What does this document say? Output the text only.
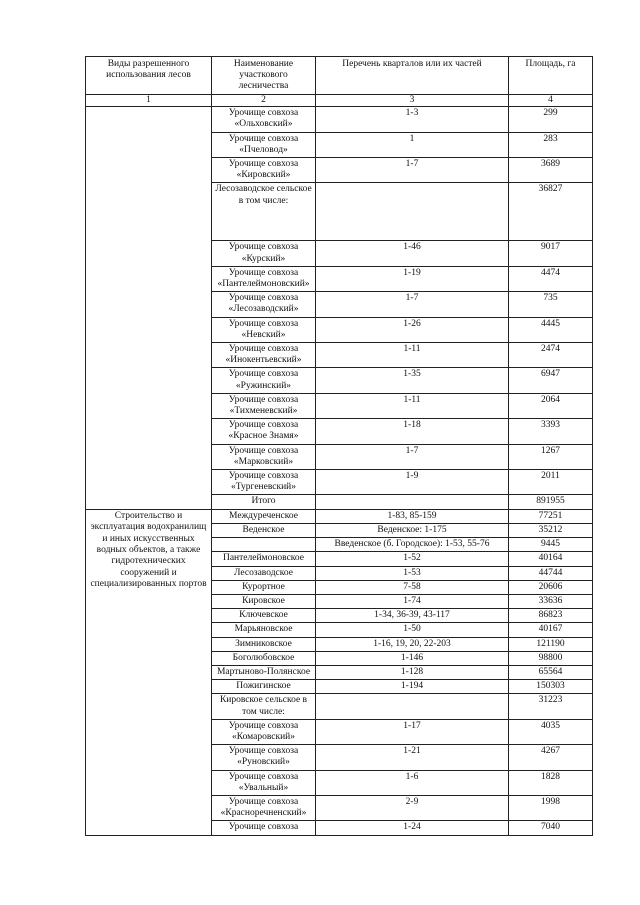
Виды разрешенного использования лесов	Наименование участкового лесничества	Перечень кварталов или их частей	Площадь, га
1	2	3	4
	Урочище совхоза «Ольховский»	1-3	299
	Урочище совхоза «Пчеловод»	1	283
	Урочище совхоза «Кировский»	1-7	3689
	Лесозаводское сельское в том числе:		36827
	Урочище совхоза «Курский»	1-46	9017
	Урочище совхоза «Пантелеймоновский»	1-19	4474
	Урочище совхоза «Лесозаводский»	1-7	735
	Урочище совхоза «Невский»	1-26	4445
	Урочище совхоза «Инокентьевский»	1-11	2474
	Урочище совхоза «Ружинский»	1-35	6947
	Урочище совхоза «Тихменевский»	1-11	2064
	Урочище совхоза «Красное Знамя»	1-18	3393
	Урочище совхоза «Марковский»	1-7	1267
	Урочище совхоза «Тургеневский»	1-9	2011
	Итого		891955
Строительство и эксплуатация водохранилищ и иных искусственных водных объектов, а также гидротехнических сооружений и специализированных портов	Междуреченское	1-83, 85-159	77251
	Веденское	Веденское: 1-175	35212
		Введенское (б. Городское): 1-53, 55-76	9445
	Пантелеймоновское	1-52	40164
	Лесозаводское	1-53	44744
	Курортное	7-58	20606
	Кировское	1-74	33636
	Ключевское	1-34, 36-39, 43-117	86823
	Марьяновское	1-50	40167
	Зимниковское	1-16, 19, 20, 22-203	121190
	Боголюбовское	1-146	98800
	Мартыново-Полянское	1-128	65564
	Пожигинское	1-194	150303
	Кировское сельское в том числе:		31223
	Урочище совхоза «Комаровский»	1-17	4035
	Урочище совхоза «Руновский»	1-21	4267
	Урочище совхоза «Увальный»	1-6	1828
	Урочище совхоза «Красноречненский»	2-9	1998
	Урочище совхоза	1-24	7040
